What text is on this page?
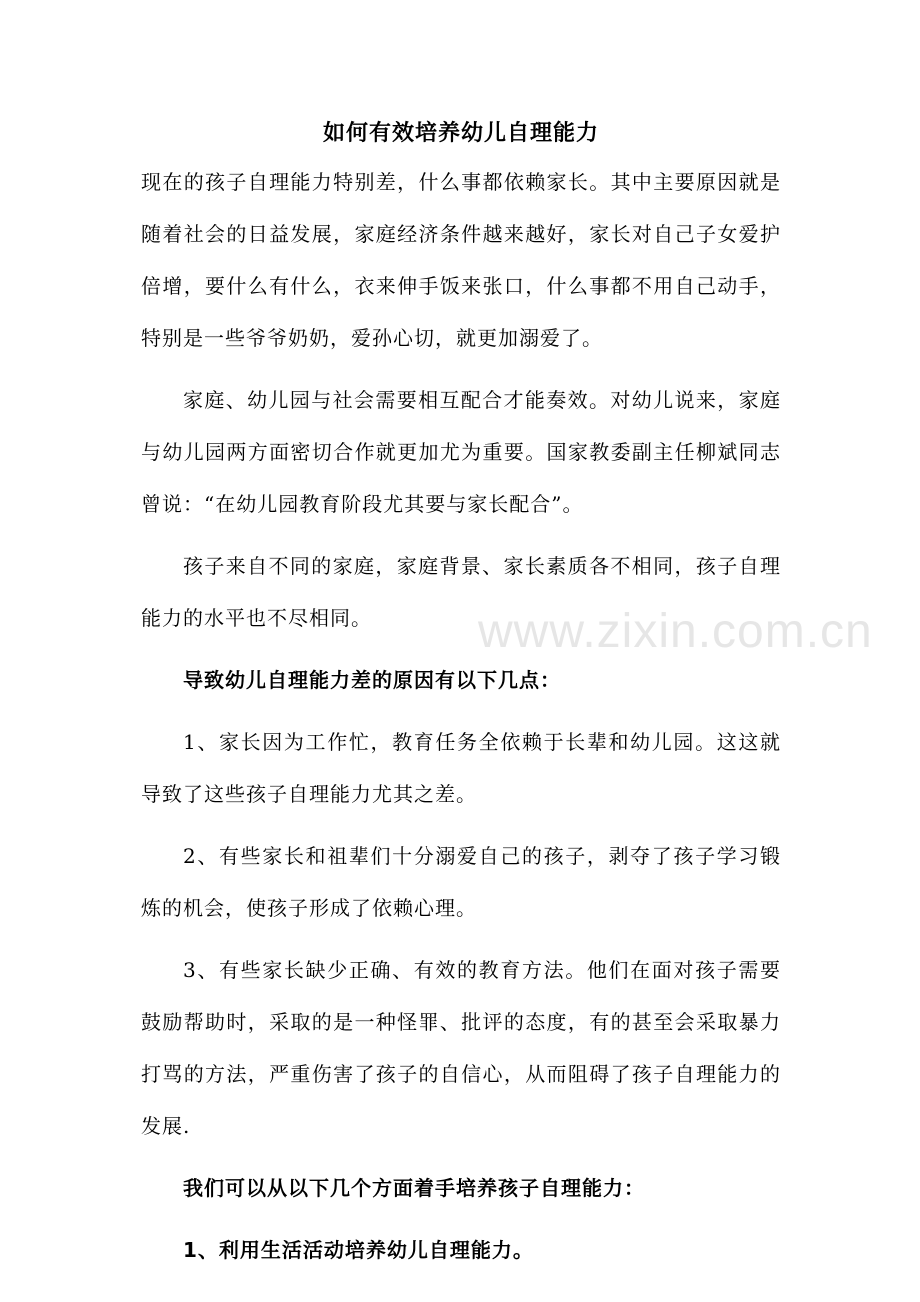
www.zixin.com.cn
如何有效培养幼儿自理能力

现在的孩子自理能力特别差，什么事都依赖家长。其中主要原因就是随着社会的日益发展，家庭经济条件越来越好，家长对自己子女爱护倍增，要什么有什么，衣来伸手饭来张口，什么事都不用自己动手，特别是一些爷爷奶奶，爱孙心切，就更加溺爱了。

家庭、幼儿园与社会需要相互配合才能奏效。对幼儿说来，家庭与幼儿园两方面密切合作就更加尤为重要。国家教委副主任柳斌同志曾说：“在幼儿园教育阶段尤其要与家长配合”。

孩子来自不同的家庭，家庭背景、家长素质各不相同，孩子自理能力的水平也不尽相同。

导致幼儿自理能力差的原因有以下几点：

1、家长因为工作忙，教育任务全依赖于长辈和幼儿园。这这就导致了这些孩子自理能力尤其之差。

2、有些家长和祖辈们十分溺爱自己的孩子，剥夺了孩子学习锻炼的机会，使孩子形成了依赖心理。

3、有些家长缺少正确、有效的教育方法。他们在面对孩子需要鼓励帮助时，采取的是一种怪罪、批评的态度，有的甚至会采取暴力打骂的方法，严重伤害了孩子的自信心，从而阻碍了孩子自理能力的发展.

我们可以从以下几个方面着手培养孩子自理能力：

1、利用生活活动培养幼儿自理能力。
